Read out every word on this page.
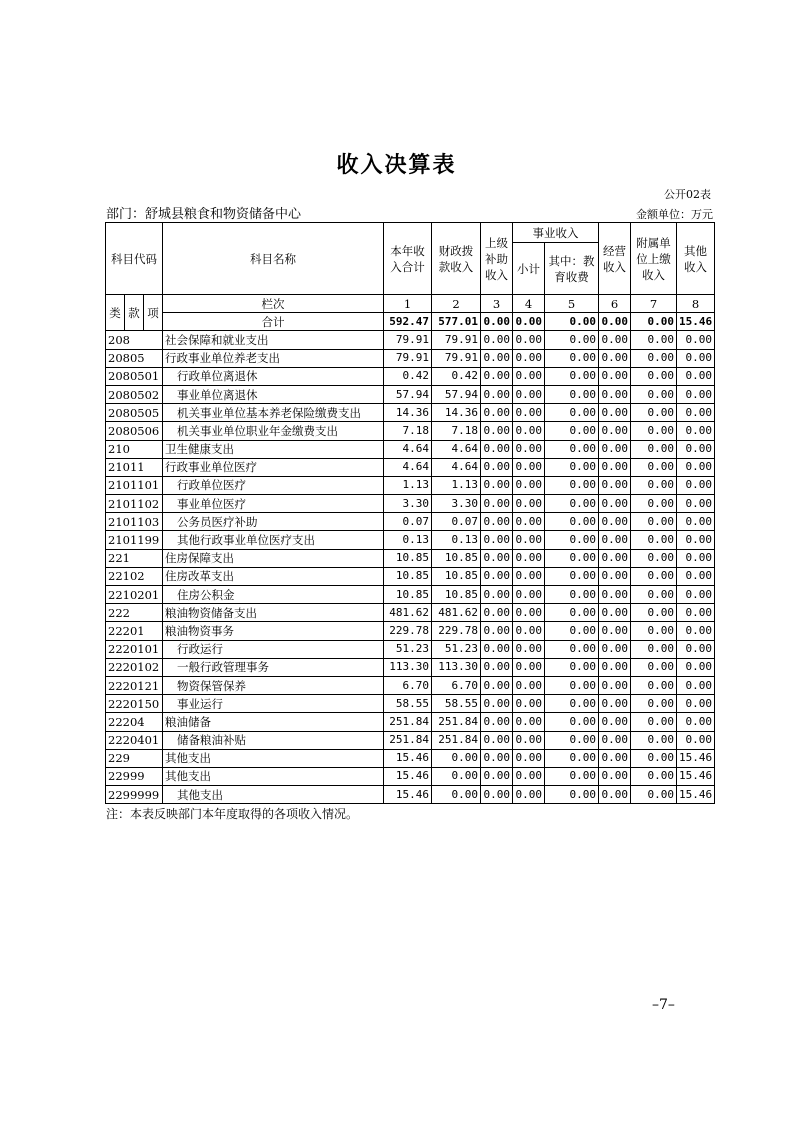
收入决算表
公开02表
部门：舒城县粮食和物资储备中心	金额单位：万元
科目代码			科目名称	本年收入合计	财政拨款收入	上级补助收入	事业收入		经营收入	附属单位上缴收入	其他收入
							小计	其中：教育收费			

类	款	项	栏次	1	2	3	4	5	6	7	8
			合计	592.47	577.01	0.00	0.00	0.00	0.00	0.00	15.46
208			社会保障和就业支出	79.91	79.91	0.00	0.00	0.00	0.00	0.00	0.00
20805			行政事业单位养老支出	79.91	79.91	0.00	0.00	0.00	0.00	0.00	0.00
2080501			行政单位离退休	0.42	0.42	0.00	0.00	0.00	0.00	0.00	0.00
2080502			事业单位离退休	57.94	57.94	0.00	0.00	0.00	0.00	0.00	0.00
2080505			机关事业单位基本养老保险缴费支出	14.36	14.36	0.00	0.00	0.00	0.00	0.00	0.00
2080506			机关事业单位职业年金缴费支出	7.18	7.18	0.00	0.00	0.00	0.00	0.00	0.00
210			卫生健康支出	4.64	4.64	0.00	0.00	0.00	0.00	0.00	0.00
21011			行政事业单位医疗	4.64	4.64	0.00	0.00	0.00	0.00	0.00	0.00
2101101			行政单位医疗	1.13	1.13	0.00	0.00	0.00	0.00	0.00	0.00
2101102			事业单位医疗	3.30	3.30	0.00	0.00	0.00	0.00	0.00	0.00
2101103			公务员医疗补助	0.07	0.07	0.00	0.00	0.00	0.00	0.00	0.00
2101199			其他行政事业单位医疗支出	0.13	0.13	0.00	0.00	0.00	0.00	0.00	0.00
221			住房保障支出	10.85	10.85	0.00	0.00	0.00	0.00	0.00	0.00
22102			住房改革支出	10.85	10.85	0.00	0.00	0.00	0.00	0.00	0.00
2210201			住房公积金	10.85	10.85	0.00	0.00	0.00	0.00	0.00	0.00
222			粮油物资储备支出	481.62	481.62	0.00	0.00	0.00	0.00	0.00	0.00
22201			粮油物资事务	229.78	229.78	0.00	0.00	0.00	0.00	0.00	0.00
2220101			行政运行	51.23	51.23	0.00	0.00	0.00	0.00	0.00	0.00
2220102			一般行政管理事务	113.30	113.30	0.00	0.00	0.00	0.00	0.00	0.00
2220121			物资保管保养	6.70	6.70	0.00	0.00	0.00	0.00	0.00	0.00
2220150			事业运行	58.55	58.55	0.00	0.00	0.00	0.00	0.00	0.00
22204			粮油储备	251.84	251.84	0.00	0.00	0.00	0.00	0.00	0.00
2220401			储备粮油补贴	251.84	251.84	0.00	0.00	0.00	0.00	0.00	0.00
229			其他支出	15.46	0.00	0.00	0.00	0.00	0.00	0.00	15.46
22999			其他支出	15.46	0.00	0.00	0.00	0.00	0.00	0.00	15.46
2299999			其他支出	15.46	0.00	0.00	0.00	0.00	0.00	0.00	15.46
注：本表反映部门本年度取得的各项收入情况。
–7–
